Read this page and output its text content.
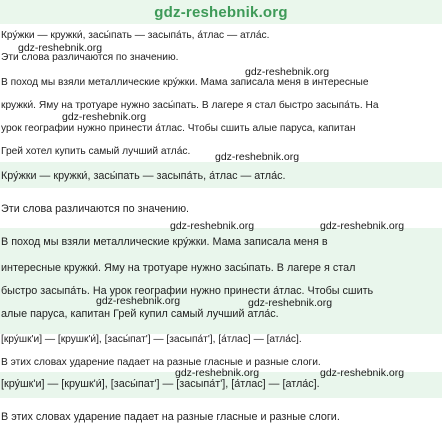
gdz-reshebnik.org
Кру́жки — кружки́, засы́пать — засыпа́ть, а́тлас — атла́с.
Эти слова различаются по значению.
В поход мы взяли металлические кру́жки. Мама записала меня в интересные
кружки́. Яму на тротуаре нужно засы́пать. В лагере я стал быстро засыпа́ть. На
урок географии нужно принести а́тлас. Чтобы сшить алые паруса, капитан
Грей хотел купить самый лучший атла́с.
Кру́жки — кружки́, засы́пать — засыпа́ть, а́тлас — атла́с.
Эти слова различаются по значению.
В поход мы взяли металлические кру́жки. Мама записала меня в
интересные кружки́. Яму на тротуаре нужно засы́пать. В лагере я стал
быстро засыпа́ть. На урок географии нужно принести а́тлас. Чтобы сшить
алые паруса, капитан Грей купил самый лучший атла́с.
[кру́шк'и] — [крушк'и́], [засы́пат'] — [засыпа́т'], [а́тлас] — [атла́с].
В этих словах ударение падает на разные гласные и разные слоги.
[кру́шк'и] — [крушк'и́], [засы́пат'] — [засыпа́т'], [а́тлас] — [атла́с].
В этих словах ударение падает на разные гласные и разные слоги.
gdz-reshebnik.org
gdz-reshebnik.org
gdz-reshebnik.org
gdz-reshebnik.org
gdz-reshebnik.org	gdz-reshebnik.org
gdz-reshebnik.org	gdz-reshebnik.org
gdz-reshebnik.org	gdz-reshebnik.org
